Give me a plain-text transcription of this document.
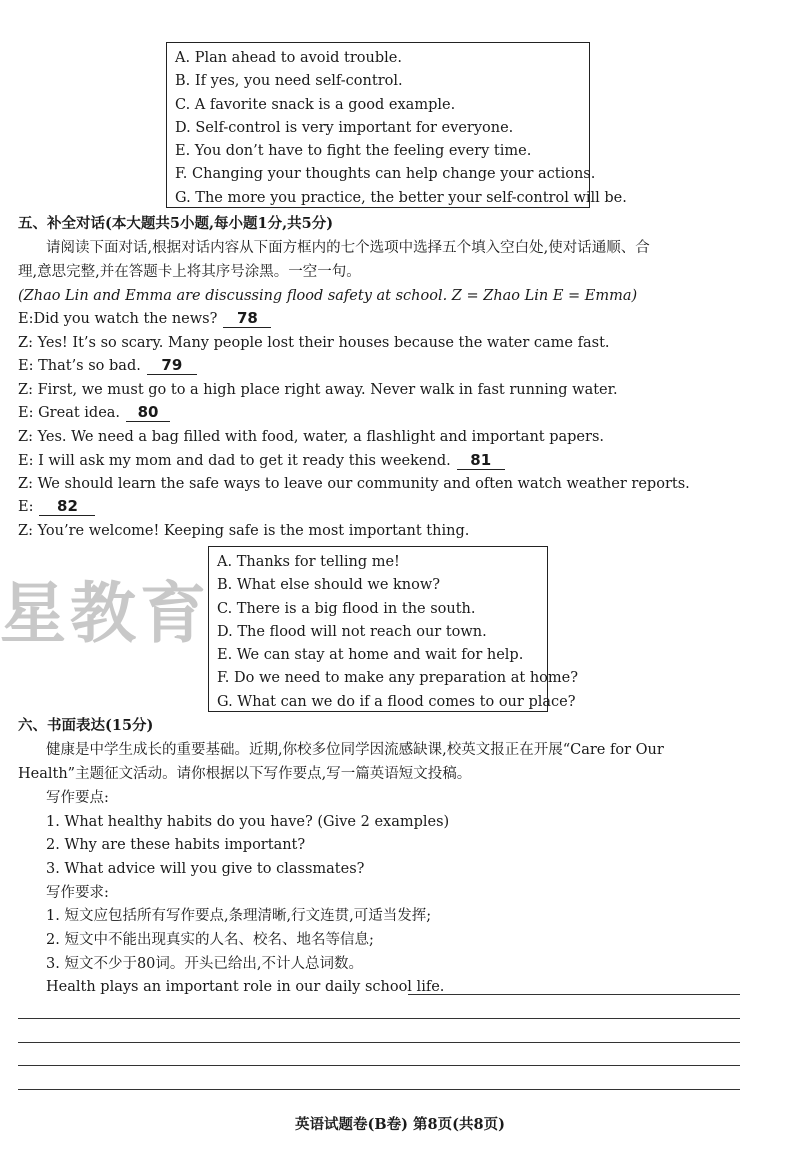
A. Plan ahead to avoid trouble.
B. If yes, you need self-control.
C. A favorite snack is a good example.
D. Self-control is very important for everyone.
E. You don’t have to fight the feeling every time.
F. Changing your thoughts can help change your actions.
G. The more you practice, the better your self-control will be.
五、补全对话(本大题共5小题,每小题1分,共5分)
请阅读下面对话,根据对话内容从下面方框内的七个选项中选择五个填入空白处,使对话通顺、合
理,意思完整,并在答题卡上将其序号涂黑。一空一句。
(Zhao Lin and Emma are discussing flood safety at school. Z = Zhao Lin E = Emma)
E:Did you watch the news? 78
Z: Yes! It’s so scary. Many people lost their houses because the water came fast.
E: That’s so bad. 79
Z: First, we must go to a high place right away. Never walk in fast running water.
E: Great idea. 80
Z: Yes. We need a bag filled with food, water, a flashlight and important papers.
E: I will ask my mom and dad to get it ready this weekend. 81
Z: We should learn the safe ways to leave our community and often watch weather reports.
E: 82
Z: You’re welcome! Keeping safe is the most important thing.
星教育
A. Thanks for telling me!
B. What else should we know?
C. There is a big flood in the south.
D. The flood will not reach our town.
E. We can stay at home and wait for help.
F. Do we need to make any preparation at home?
G. What can we do if a flood comes to our place?
六、书面表达(15分)
健康是中学生成长的重要基础。近期,你校多位同学因流感缺课,校英文报正在开展“Care for Our
Health”主题征文活动。请你根据以下写作要点,写一篇英语短文投稿。
写作要点:
1. What healthy habits do you have? (Give 2 examples)
2. Why are these habits important?
3. What advice will you give to classmates?
写作要求:
1. 短文应包括所有写作要点,条理清晰,行文连贯,可适当发挥;
2. 短文中不能出现真实的人名、校名、地名等信息;
3. 短文不少于80词。开头已给出,不计人总词数。
Health plays an important role in our daily school life.
英语试题卷(B卷) 第8页(共8页)
